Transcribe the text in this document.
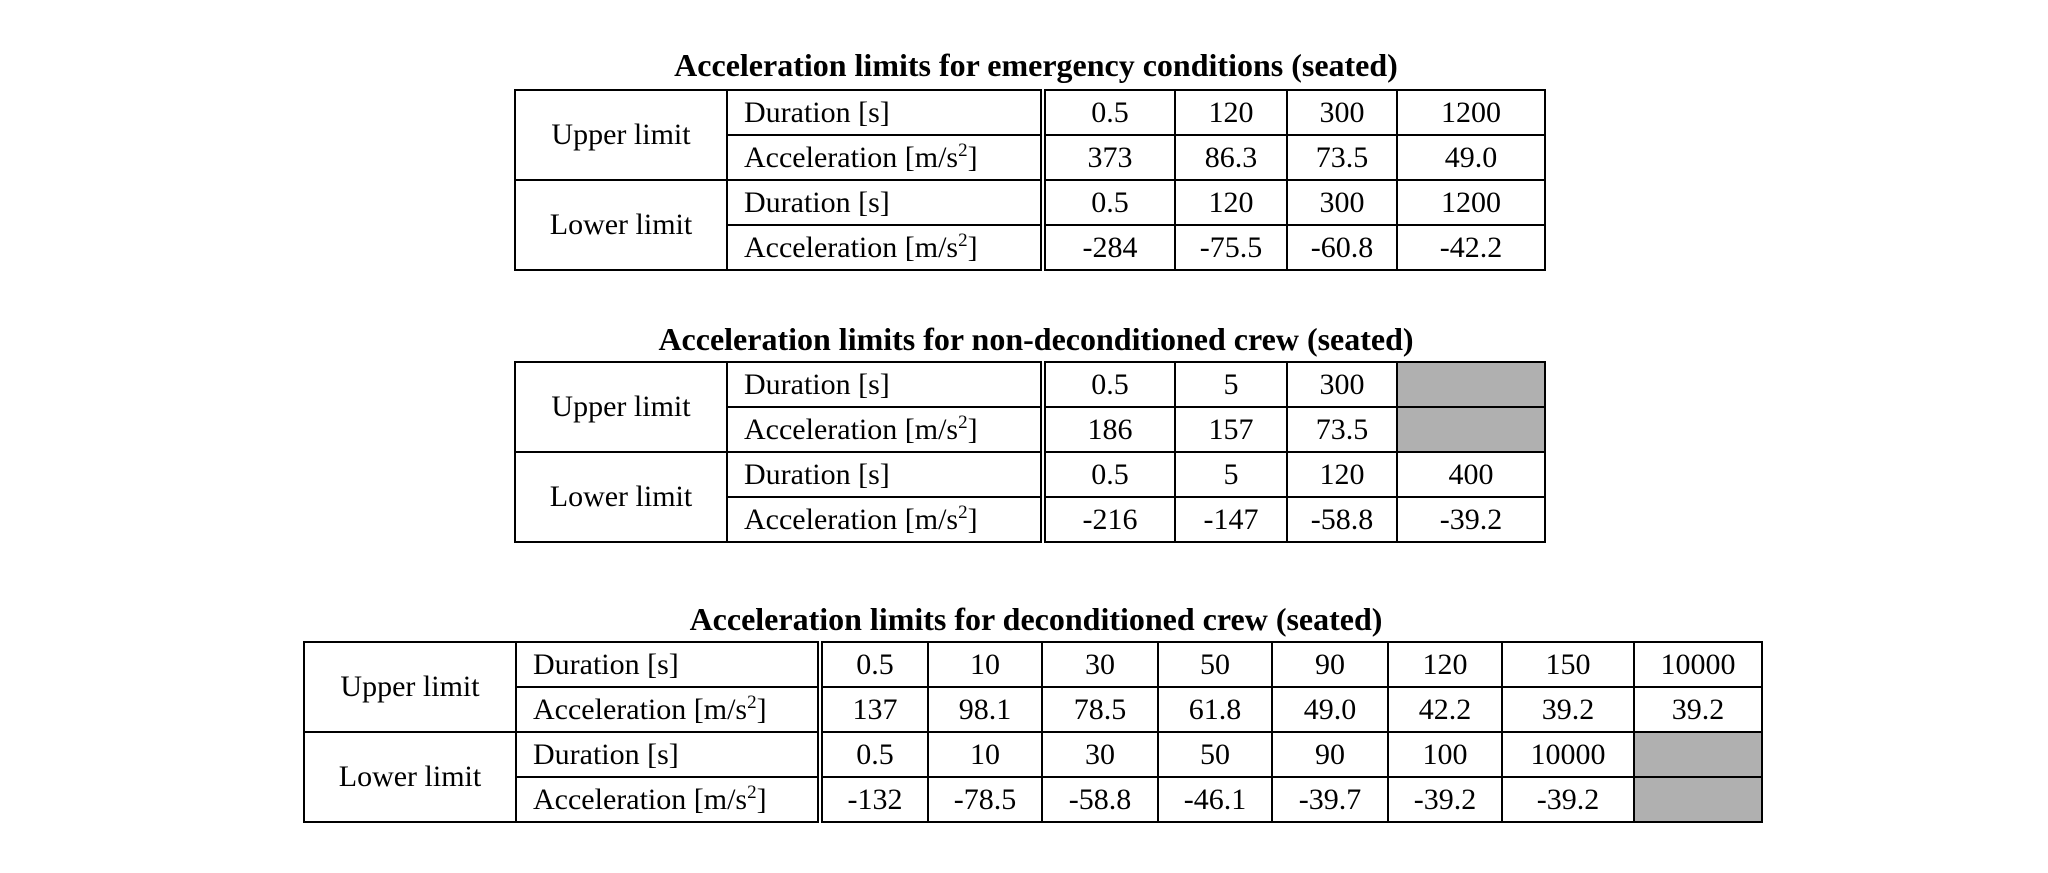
Acceleration limits for emergency conditions (seated)
Upper limit	Duration [s]	0.5	120	300	1200
	Acceleration $[m/s^2]$	373	86.3	73.5	49.0
Lower limit	Duration [s]	0.5	120	300	1200
	Acceleration $[m/s^2]$	-284	-75.5	-60.8	-42.2
Acceleration limits for non-deconditioned crew (seated)
Upper limit	Duration [s]	0.5	5	300	
	Acceleration $[m/s^2]$	186	157	73.5	
Lower limit	Duration [s]	0.5	5	120	400
	Acceleration $[m/s^2]$	-216	-147	-58.8	-39.2
Acceleration limits for deconditioned crew (seated)
Upper limit	Duration [s]	0.5	10	30	50	90	120	150	10000
	Acceleration $[m/s^2]$	137	98.1	78.5	61.8	49.0	42.2	39.2	39.2
Lower limit	Duration [s]	0.5	10	30	50	90	100	10000	
	Acceleration $[m/s^2]$	-132	-78.5	-58.8	-46.1	-39.7	-39.2	-39.2	
